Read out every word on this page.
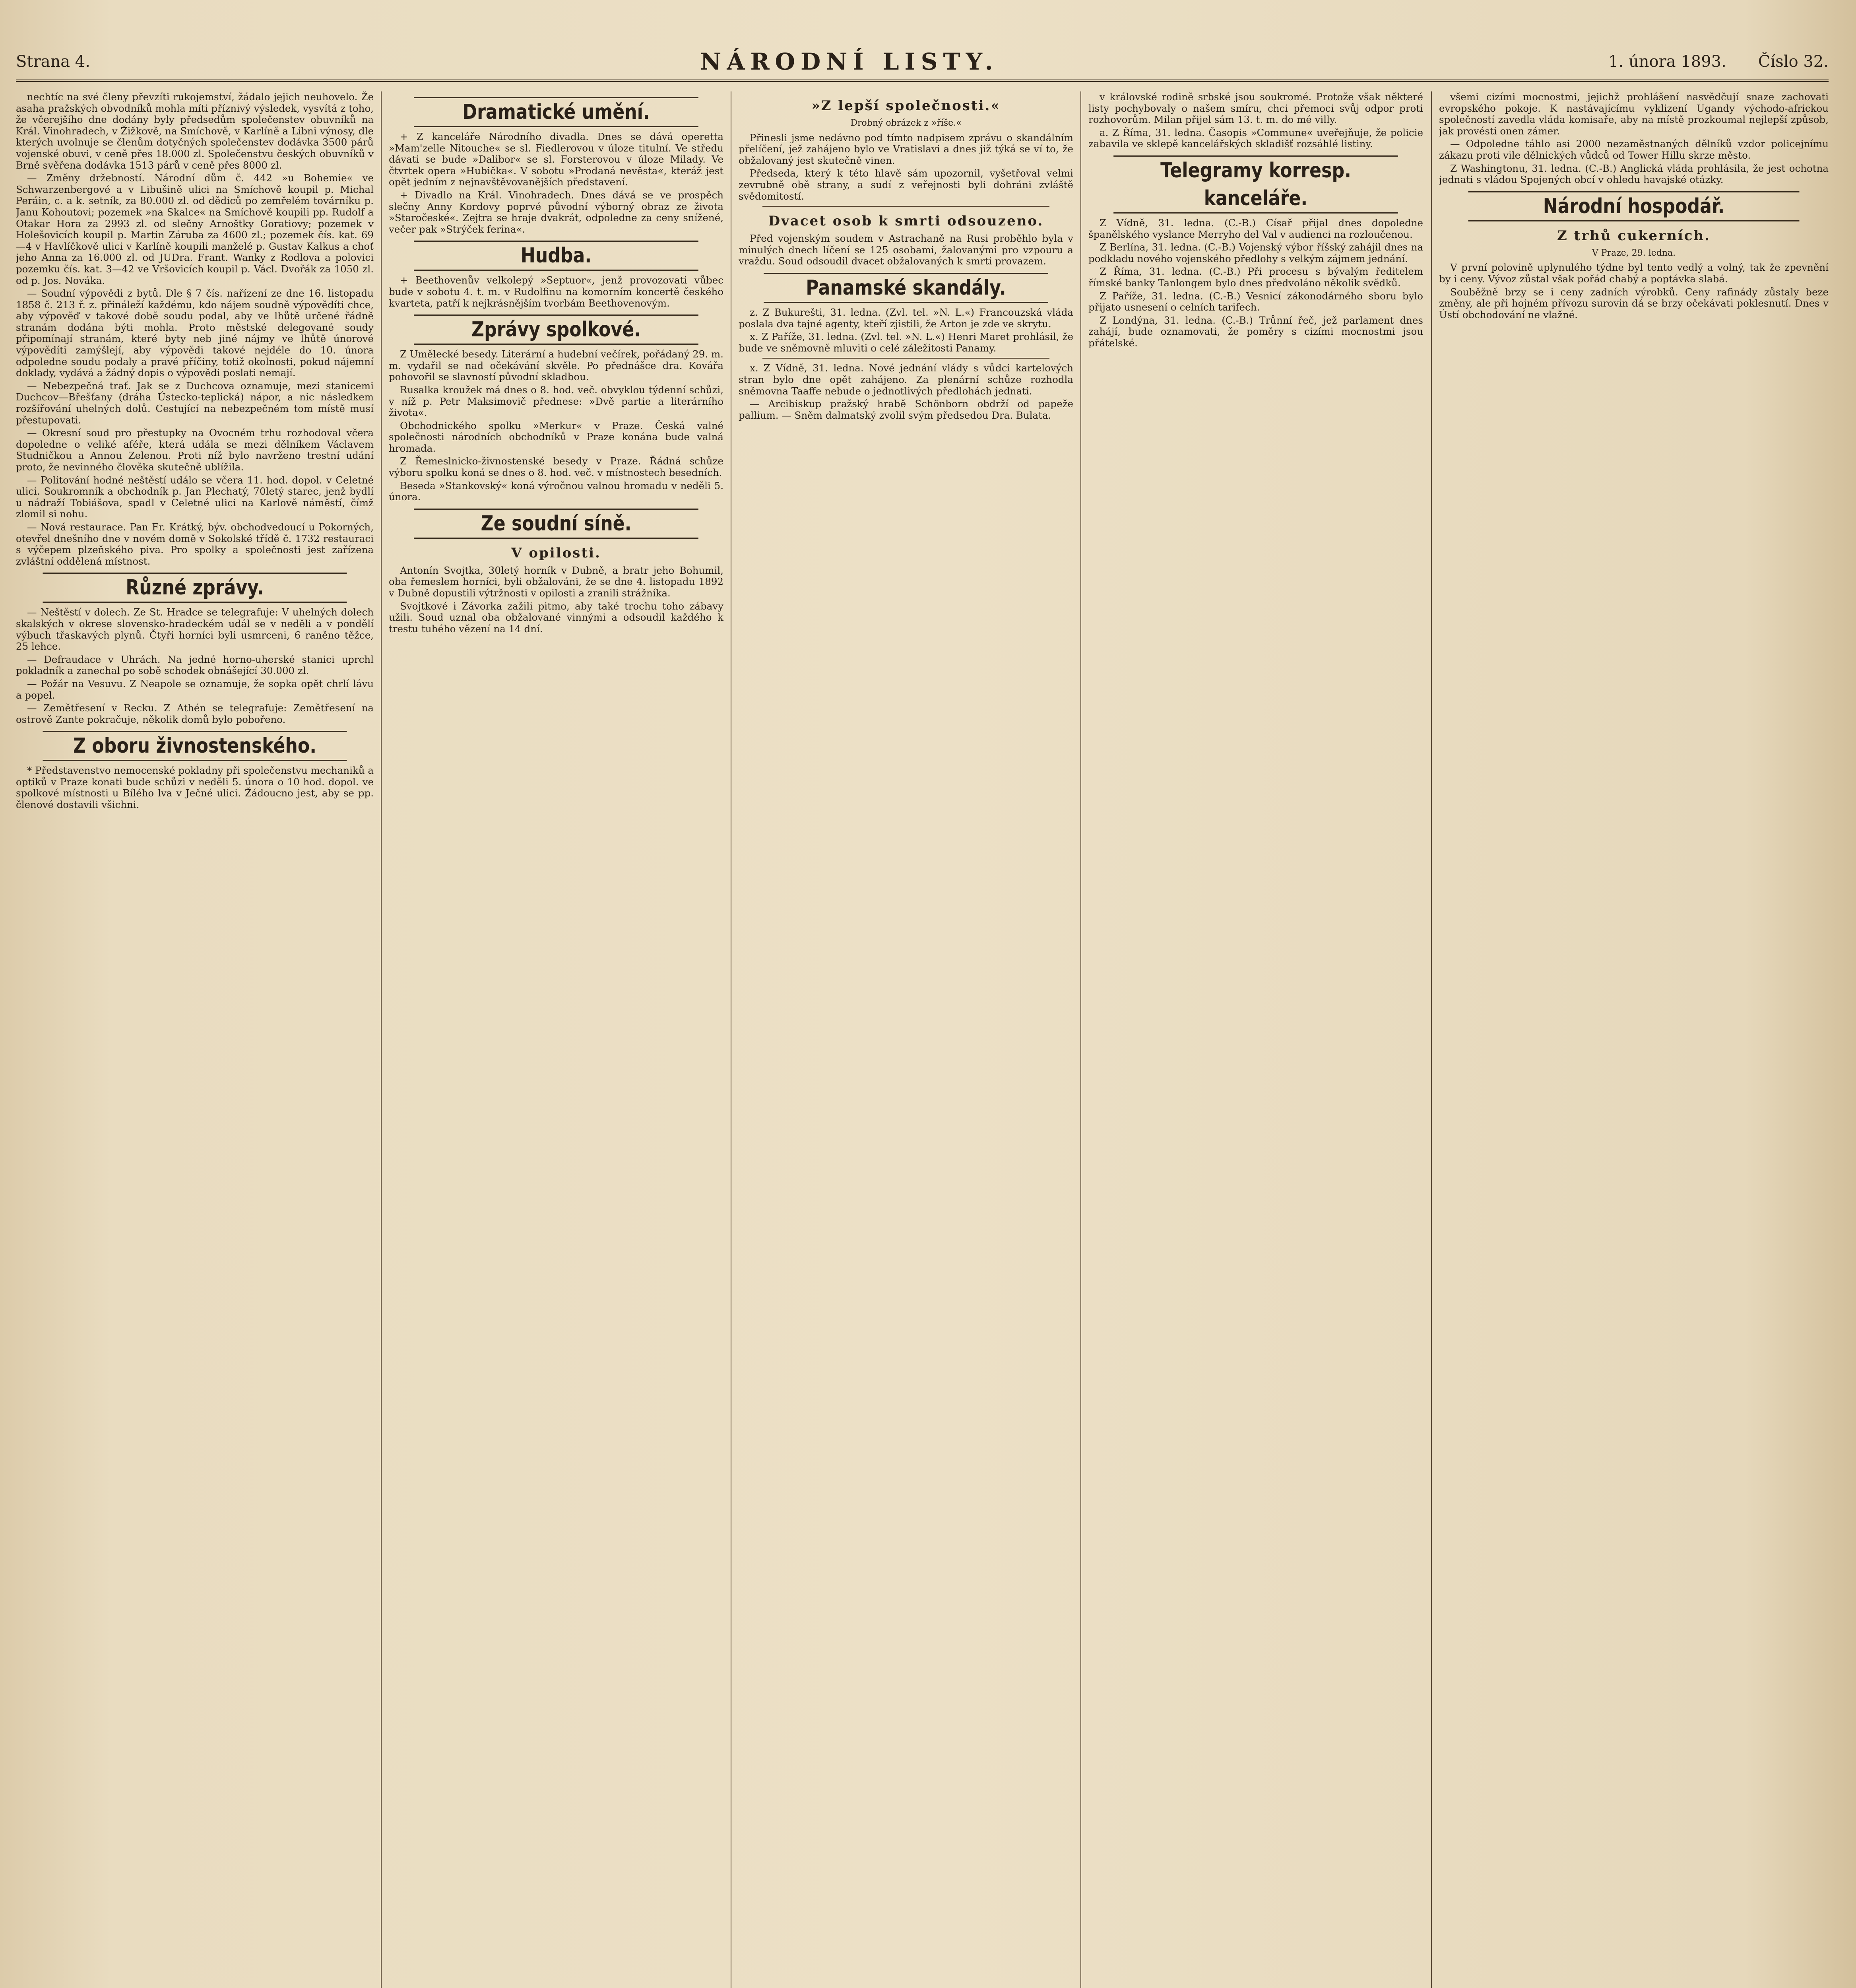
Strana 4.	NÁRODNÍ LISTY.	1. února 1893. Číslo 32.

nechtíc na své členy převzíti rukojemství, žádalo jejich neuhovelo. Že asaha pražských obvodníků mohla míti příznivý výsledek, vysvítá z toho, že včerejšího dne dodány byly předsedům společenstev obuvníků na Král. Vinohradech, v Žižkově, na Smíchově, v Karlíně a Libni výnosy, dle kterých uvolnuje se členům dotyčných společenstev dodávka 3500 párů vojenské obuvi, v ceně přes 18.000 zl. Společenstvu českých obuvníků v Brně svěřena dodávka 1513 párů v ceně přes 8000 zl.

— Změny držebností. Národní dům č. 442 »u Bohemie« ve Schwarzenbergové a v Libušině ulici na Smíchově koupil p. Michal Peráin, c. a k. setník, za 80.000 zl. od dědiců po zemřelém továrníku p. Janu Kohoutovi; pozemek »na Skalce« na Smíchově koupili pp. Rudolf a Otakar Hora za 2993 zl. od slečny Arnoštky Goratiovy; pozemek v Holešovicích koupil p. Martin Záruba za 4600 zl.; pozemek čís. kat. 69—4 v Havlíčkově ulici v Karlíně koupili manželé p. Gustav Kalkus a choť jeho Anna za 16.000 zl. od JUDra. Frant. Wanky z Rodlova a polovici pozemku čís. kat. 3—42 ve Vršovicích koupil p. Václ. Dvořák za 1050 zl. od p. Jos. Nováka.

— Soudní výpovědi z bytů. Dle § 7 čís. nařízení ze dne 16. listopadu 1858 č. 213 ř. z. přináleží každému, kdo nájem soudně výpovědíti chce, aby výpověď v takové době soudu podal, aby ve lhůtě určené řádně stranám dodána býti mohla. Proto městské delegované soudy připomínají stranám, které byty neb jiné nájmy ve lhůtě únorové výpovědíti zamýšlejí, aby výpovědi takové nejdéle do 10. února odpoledne soudu podaly a pravé příčiny, totiž okolnosti, pokud nájemní doklady, vydává a žádný dopis o výpovědi poslati nemají.

— Nebezpečná trať. Jak se z Duchcova oznamuje, mezi stanicemi Duchcov—Břešťany (dráha Ústecko-teplická) nápor, a nic následkem rozšířování uhelných dolů. Cestující na nebezpečném tom místě musí přestupovati.

— Okresní soud pro přestupky na Ovocném trhu rozhodoval včera dopoledne o veliké aféře, která udála se mezi dělníkem Václavem Studničkou a Annou Zelenou. Proti níž bylo navrženo trestní udání proto, že nevinného člověka skutečně ublížila.

— Politování hodné neštěstí událo se včera 11. hod. dopol. v Celetné ulici. Soukromník a obchodník p. Jan Plechatý, 70letý starec, jenž bydlí u nádraží Tobiášova, spadl v Celetné ulici na Karlově náměstí, čímž zlomil si nohu.

— Nová restaurace. Pan Fr. Krátký, býv. obchodvedoucí u Pokorných, otevřel dnešního dne v novém domě v Sokolské třídě č. 1732 restauraci s výčepem plzeňského piva. Pro spolky a společnosti jest zařízena zvláštní oddělená místnost.

Různé zprávy.

— Neštěstí v dolech. Ze St. Hradce se telegrafuje: V uhelných dolech skalských v okrese slovensko-hradeckém udál se v neděli a v pondělí výbuch třaskavých plynů. Čtyři horníci byli usmrceni, 6 raněno těžce, 25 lehce.

— Defraudace v Uhrách. Na jedné horno-uherské stanici uprchl pokladník a zanechal po sobě schodek obnášející 30.000 zl.

— Požár na Vesuvu. Z Neapole se oznamuje, že sopka opět chrlí lávu a popel.

— Zemětřesení v Recku. Z Athén se telegrafuje: Zemětřesení na ostrově Zante pokračuje, několik domů bylo pobořeno.

Z oboru živnostenského.

* Představenstvo nemocenské pokladny při společenstvu mechaniků a optiků v Praze konati bude schůzi v neděli 5. února o 10 hod. dopol. ve spolkové místnosti u Bílého lva v Ječné ulici. Žádoucno jest, aby se pp. členové dostavili všichni.

Dramatické umění.

+ Z kanceláře Národního divadla. Dnes se dává operetta »Mam'zelle Nitouche« se sl. Fiedlerovou v úloze titulní. Ve středu dávati se bude »Dalibor« se sl. Forsterovou v úloze Milady. Ve čtvrtek opera »Hubička«. V sobotu »Prodaná nevěsta«, kteráž jest opět jedním z nejnavštěvovanějších představení.

+ Divadlo na Král. Vinohradech. Dnes dává se ve prospěch slečny Anny Kordovy poprvé původní výborný obraz ze života »Staročeské«. Zejtra se hraje dvakrát, odpoledne za ceny snížené, večer pak »Strýček ferina«.

Hudba.

+ Beethovenův velkolepý »Septuor«, jenž provozovati vůbec bude v sobotu 4. t. m. v Rudolfinu na komorním koncertě českého kvarteta, patří k nejkrásnějším tvorbám Beethovenovým.

Zprávy spolkové.

Z Umělecké besedy. Literární a hudební večírek, pořádaný 29. m. m. vydařil se nad očekávání skvěle. Po přednášce dra. Kovářa pohovořil se slavností původní skladbou.

Rusalka kroužek má dnes o 8. hod. več. obvyklou týdenní schůzi, v níž p. Petr Maksimovič přednese: »Dvě partie a literárního života«.

Obchodnického spolku »Merkur« v Praze. Česká valné společnosti národních obchodníků v Praze konána bude valná hromada.

Z Řemeslnicko-živnostenské besedy v Praze. Řádná schůze výboru spolku koná se dnes o 8. hod. več. v místnostech besedních.

Beseda »Stankovský« koná výročnou valnou hromadu v neděli 5. února.

Ze soudní síně.
V opilosti.

Antonín Svojtka, 30letý horník v Dubně, a bratr jeho Bohumil, oba řemeslem horníci, byli obžalováni, že se dne 4. listopadu 1892 v Dubně dopustili výtržnosti v opilosti a zranili strážníka.

Svojtkové i Závorka zažili pitmo, aby také trochu toho zábavy užili. Soud uznal oba obžalované vinnými a odsoudil každého k trestu tuhého vězení na 14 dní.

»Z lepší společnosti.«
Drobný obrázek z »říše.«

Přinesli jsme nedávno pod tímto nadpisem zprávu o skandálním přelíčení, jež zahájeno bylo ve Vratislavi a dnes již týká se ví to, že obžalovaný jest skutečně vinen.

Předseda, který k této hlavě sám upozornil, vyšetřoval velmi zevrubně obě strany, a sudí z veřejnosti byli dohráni zvláště svědomitostí.

Dvacet osob k smrti odsouzeno.

Před vojenským soudem v Astrachaně na Rusi proběhlo byla v minulých dnech líčení se 125 osobami, žalovanými pro vzpouru a vraždu. Soud odsoudil dvacet obžalovaných k smrti provazem.

Panamské skandály.

z. Z Bukurešti, 31. ledna. (Zvl. tel. »N. L.«) Francouzská vláda poslala dva tajné agenty, kteří zjistili, že Arton je zde ve skrytu.

x. Z Paříže, 31. ledna. (Zvl. tel. »N. L.«) Henri Maret prohlásil, že bude ve sněmovně mluviti o celé záležitosti Panamy.

x. Z Vídně, 31. ledna. Nové jednání vlády s vůdci kartelových stran bylo dne opět zahájeno. Za plenární schůze rozhodla sněmovna Taaffe nebude o jednotlivých předlohách jednati.

— Arcibiskup pražský hrabě Schönborn obdrží od papeže pallium. — Sněm dalmatský zvolil svým předsedou Dra. Bulata.

v královské rodině srbské jsou soukromé. Protože však některé listy pochybovaly o našem smíru, chci přemoci svůj odpor proti rozhovorům. Milan přijel sám 13. t. m. do mé villy.

a. Z Říma, 31. ledna. Časopis »Commune« uveřejňuje, že policie zabavila ve sklepě kancelářských skladišť rozsáhlé listiny.

Telegramy korresp. kanceláře.

Z Vídně, 31. ledna. (C.-B.) Císař přijal dnes dopoledne španělského vyslance Merryho del Val v audienci na rozloučenou.

Z Berlína, 31. ledna. (C.-B.) Vojenský výbor říšský zahájil dnes na podkladu nového vojenského předlohy s velkým zájmem jednání.

Z Říma, 31. ledna. (C.-B.) Při procesu s bývalým ředitelem římské banky Tanlongem bylo dnes předvoláno několik svědků.

Z Paříže, 31. ledna. (C.-B.) Vesnicí zákonodárného sboru bylo přijato usnesení o celních tarifech.

Z Londýna, 31. ledna. (C.-B.) Trůnní řeč, jež parlament dnes zahájí, bude oznamovati, že poměry s cizími mocnostmi jsou přátelské.

všemi cizími mocnostmi, jejichž prohlášení nasvědčují snaze zachovati evropského pokoje. K nastávajícímu vyklizení Ugandy východo-africkou společností zavedla vláda komisaře, aby na místě prozkoumal nejlepší způsob, jak provésti onen zámer.

— Odpoledne táhlo asi 2000 nezaměstnaných dělníků vzdor policejnímu zákazu proti vile dělnických vůdců od Tower Hillu skrze město.

Z Washingtonu, 31. ledna. (C.-B.) Anglická vláda prohlásila, že jest ochotna jednati s vládou Spojených obcí v ohledu havajské otázky.

Národní hospodář.
Z trhů cukerních.
V Praze, 29. ledna.

V první polovině uplynulého týdne byl tento vedlý a volný, tak že zpevnění by i ceny. Vývoz zůstal však pořád chabý a poptávka slabá.

Souběžně brzy se i ceny zadních výrobků. Ceny rafinády zůstaly beze změny, ale při hojném přívozu surovin dá se brzy očekávati poklesnutí. Dnes v Ústí obchodování ne vlažné.
